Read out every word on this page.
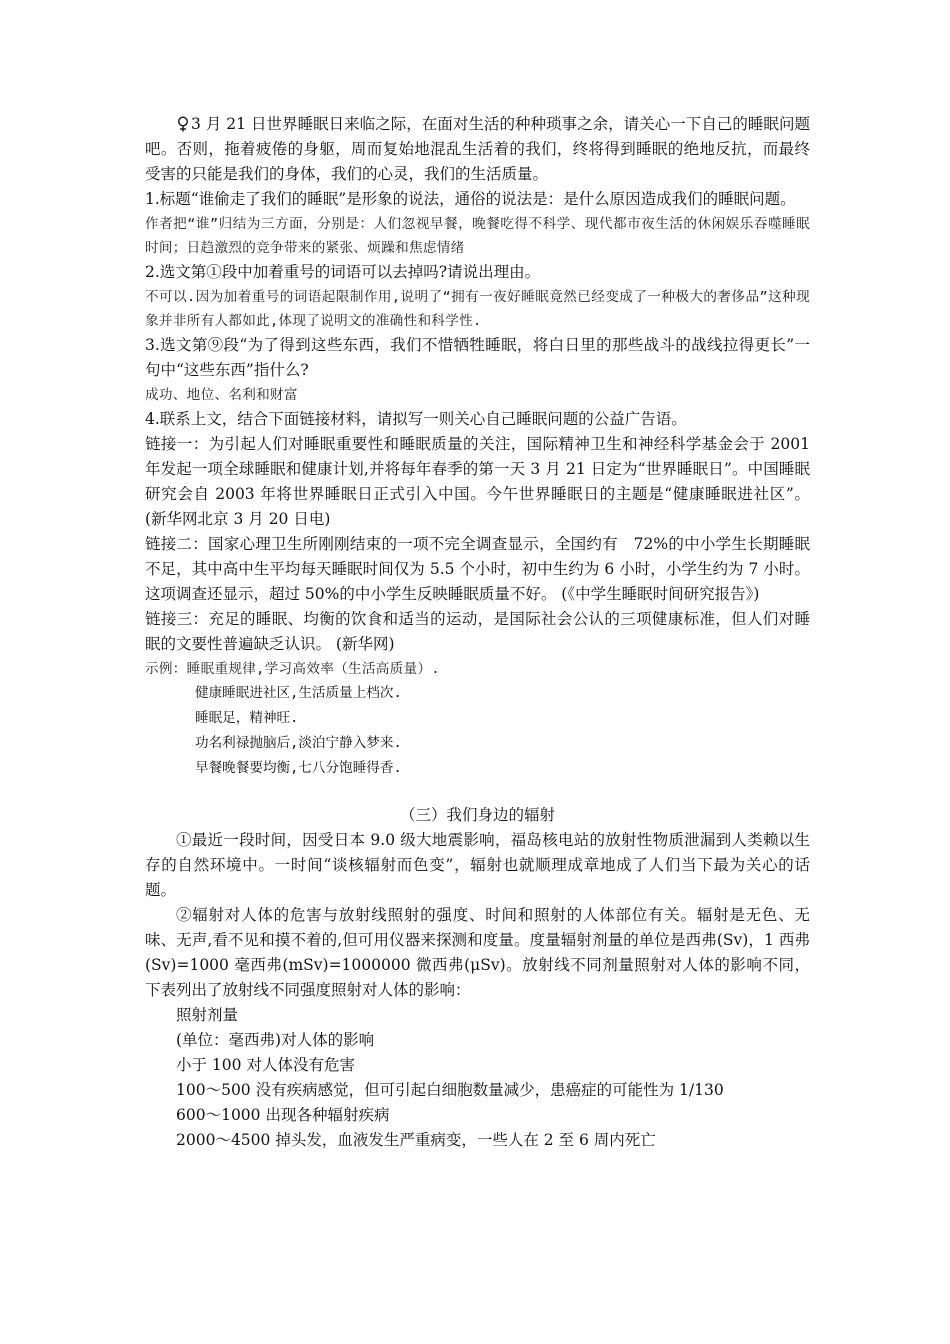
3 月 21 日世界睡眠日来临之际，在面对生活的种种琐事之余，请关心一下自己的睡眠问题吧。否则，拖着疲倦的身躯，周而复始地混乱生活着的我们，终将得到睡眠的绝地反抗，而最终受害的只能是我们的身体，我们的心灵，我们的生活质量。

1.标题“谁偷走了我们的睡眠”是形象的说法，通俗的说法是：是什么原因造成我们的睡眠问题。

作者把“谁”归结为三方面，分别是：人们忽视早餐，晚餐吃得不科学、现代都市夜生活的休闲娱乐吞噬睡眠时间；日趋激烈的竞争带来的紧张、烦躁和焦虑情绪

2.选文第①段中加着重号的词语可以去掉吗?请说出理由。

不可以.因为加着重号的词语起限制作用,说明了“拥有一夜好睡眠竟然已经变成了一种极大的奢侈品”这种现象并非所有人都如此,体现了说明文的准确性和科学性.

3.选文第⑨段“为了得到这些东西，我们不惜牺牲睡眠，将白日里的那些战斗的战线拉得更长”一句中“这些东西”指什么?

成功、地位、名利和财富

4.联系上文，结合下面链接材料，请拟写一则关心自己睡眠问题的公益广告语。

链接一：为引起人们对睡眠重要性和睡眠质量的关注，国际精神卫生和神经科学基金会于 2001 年发起一项全球睡眠和健康计划,并将每年春季的第一天 3 月 21 日定为“世界睡眠日”。中国睡眠研究会自 2003 年将世界睡眠日正式引入中国。今午世界睡眠日的主题是“健康睡眠进社区”。 (新华网北京 3 月 20 日电)

链接二：国家心理卫生所刚刚结束的一项不完全调查显示，全国约有　72%的中小学生长期睡眠不足，其中高中生平均每天睡眠时间仅为 5.5 个小时，初中生约为 6 小时，小学生约为 7 小时。这项调查还显示，超过 50%的中小学生反映睡眠质量不好。 (《中学生睡眠时间研究报告》)

链接三：充足的睡眠、均衡的饮食和适当的运动，是国际社会公认的三项健康标准，但人们对睡眠的文要性普遍缺乏认识。 (新华网)

示例：睡眠重规律,学习高效率（生活高质量）.

健康睡眠进社区,生活质量上档次.

睡眠足，精神旺.

功名利禄抛脑后,淡泊宁静入梦来.

早餐晚餐要均衡,七八分饱睡得香.

（三）我们身边的辐射

①最近一段时间，因受日本 9.0 级大地震影响，福岛核电站的放射性物质泄漏到人类赖以生存的自然环境中。一时间“谈核辐射而色变”，辐射也就顺理成章地成了人们当下最为关心的话题。

②辐射对人体的危害与放射线照射的强度、时间和照射的人体部位有关。辐射是无色、无味、无声,看不见和摸不着的,但可用仪器来探测和度量。度量辐射剂量的单位是西弗(Sv)，1 西弗(Sv)=1000 毫西弗(mSv)=1000000 微西弗(μSv)。放射线不同剂量照射对人体的影响不同，下表列出了放射线不同强度照射对人体的影响：

照射剂量

(单位：毫西弗)对人体的影响

小于 100 对人体没有危害

100～500 没有疾病感觉，但可引起白细胞数量减少，患癌症的可能性为 1/130

600～1000 出现各种辐射疾病

2000～4500 掉头发，血液发生严重病变，一些人在 2 至 6 周内死亡
